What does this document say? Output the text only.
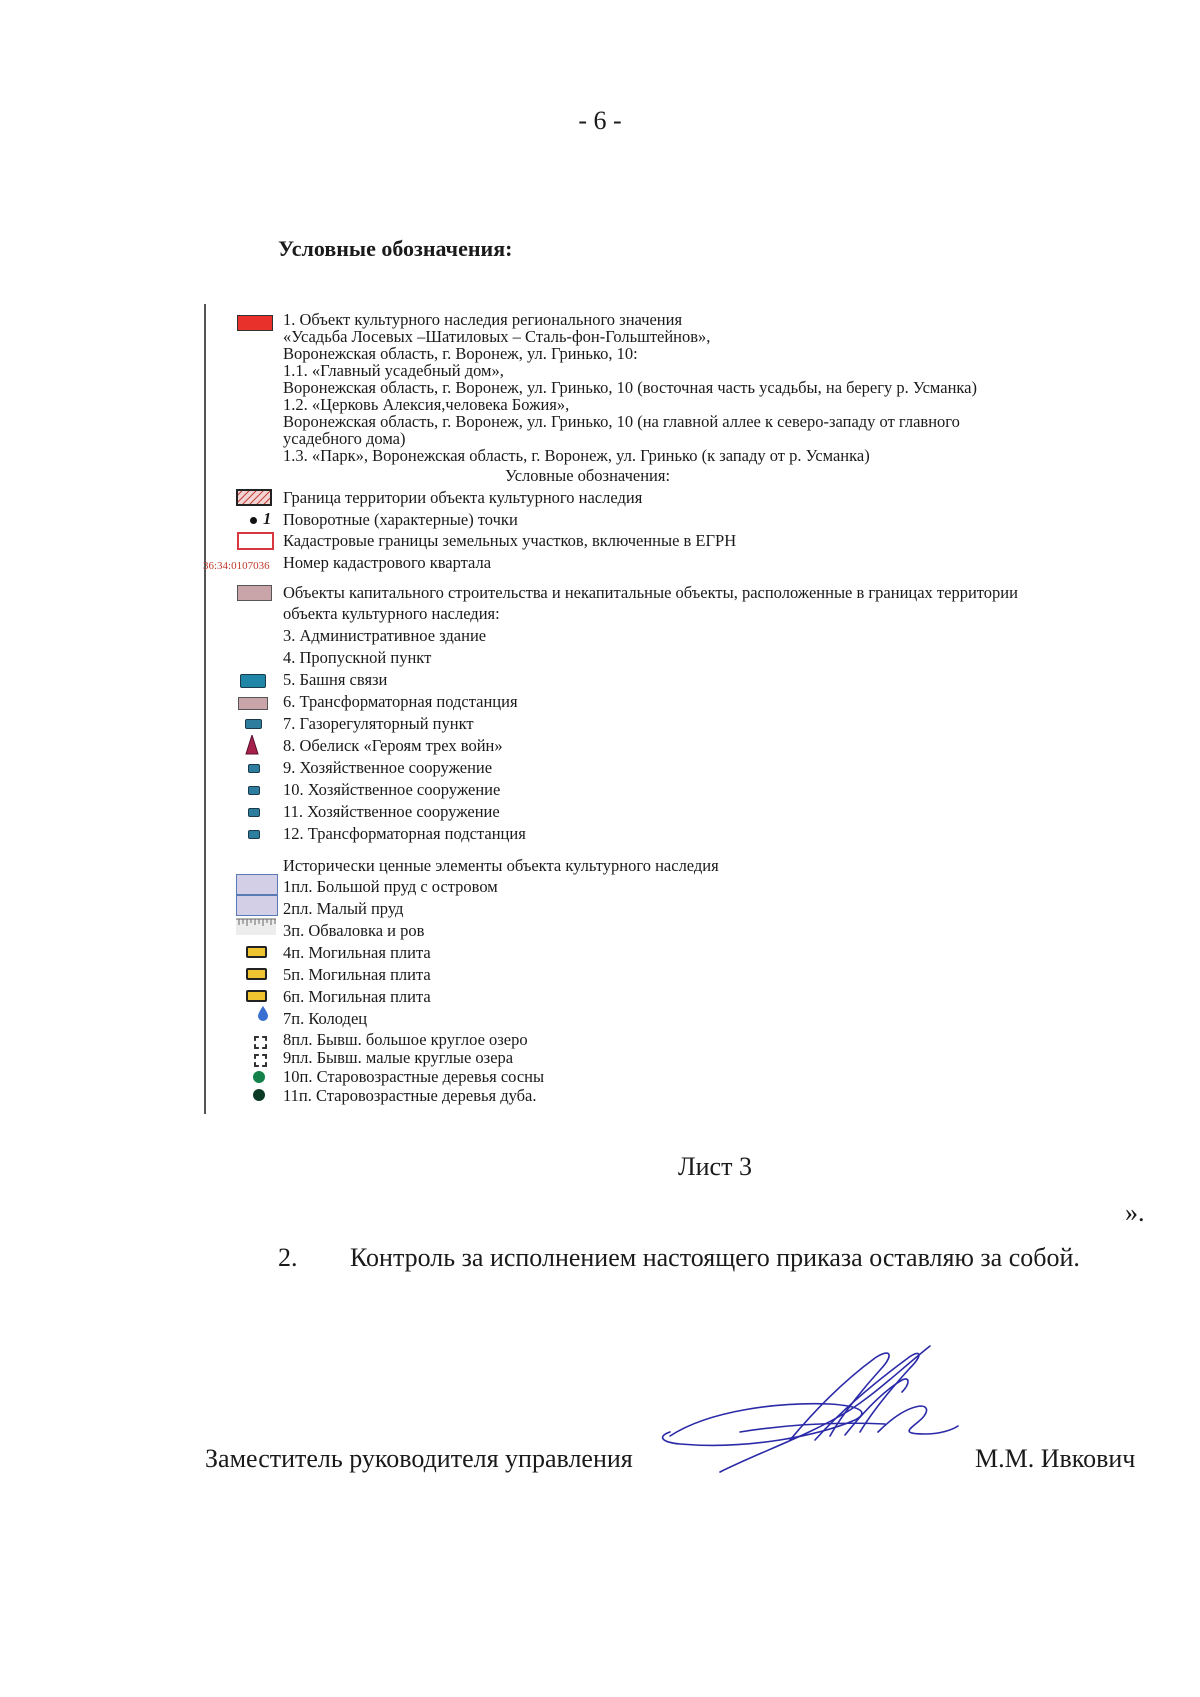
- 6 -
Условные обозначения:
1. Объект культурного наследия регионального значения
«Усадьба Лосевых –Шатиловых – Сталь-фон-Гольштейнов»,
Воронежская область, г. Воронеж, ул. Гринько, 10:
1.1. «Главный усадебный дом»,
Воронежская область, г. Воронеж, ул. Гринько, 10 (восточная часть усадьбы, на берегу р. Усманка)
1.2. «Церковь Алексия,человека Божия»,
Воронежская область, г. Воронеж, ул. Гринько, 10 (на главной аллее к северо-западу от главного
усадебного дома)
1.3. «Парк», Воронежская область, г. Воронеж, ул. Гринько (к западу от р. Усманка)
Условные обозначения:
Граница территории объекта культурного наследия
1 Поворотные (характерные) точки
Кадастровые границы земельных участков, включенные в ЕГРН
36:34:0107036 Номер кадастрового квартала
Объекты капитального строительства и некапитальные объекты, расположенные в границах территории
объекта культурного наследия:
3. Административное здание
4. Пропускной пункт
5. Башня связи
6. Трансформаторная подстанция
7. Газорегуляторный пункт
8. Обелиск «Героям трех войн»
9. Хозяйственное сооружение
10. Хозяйственное сооружение
11. Хозяйственное сооружение
12. Трансформаторная подстанция
Исторически ценные элементы объекта культурного наследия
1пл. Большой пруд с островом
2пл. Малый пруд
3п. Обваловка и ров
4п. Могильная плита
5п. Могильная плита
6п. Могильная плита
7п. Колодец
8пл. Бывш. большое круглое озеро
9пл. Бывш. малые круглые озера
10п. Старовозрастные деревья сосны
11п. Старовозрастные деревья дуба.
Лист 3
».
2. Контроль за исполнением настоящего приказа оставляю за собой.
Заместитель руководителя управления	М.М. Ивкович
